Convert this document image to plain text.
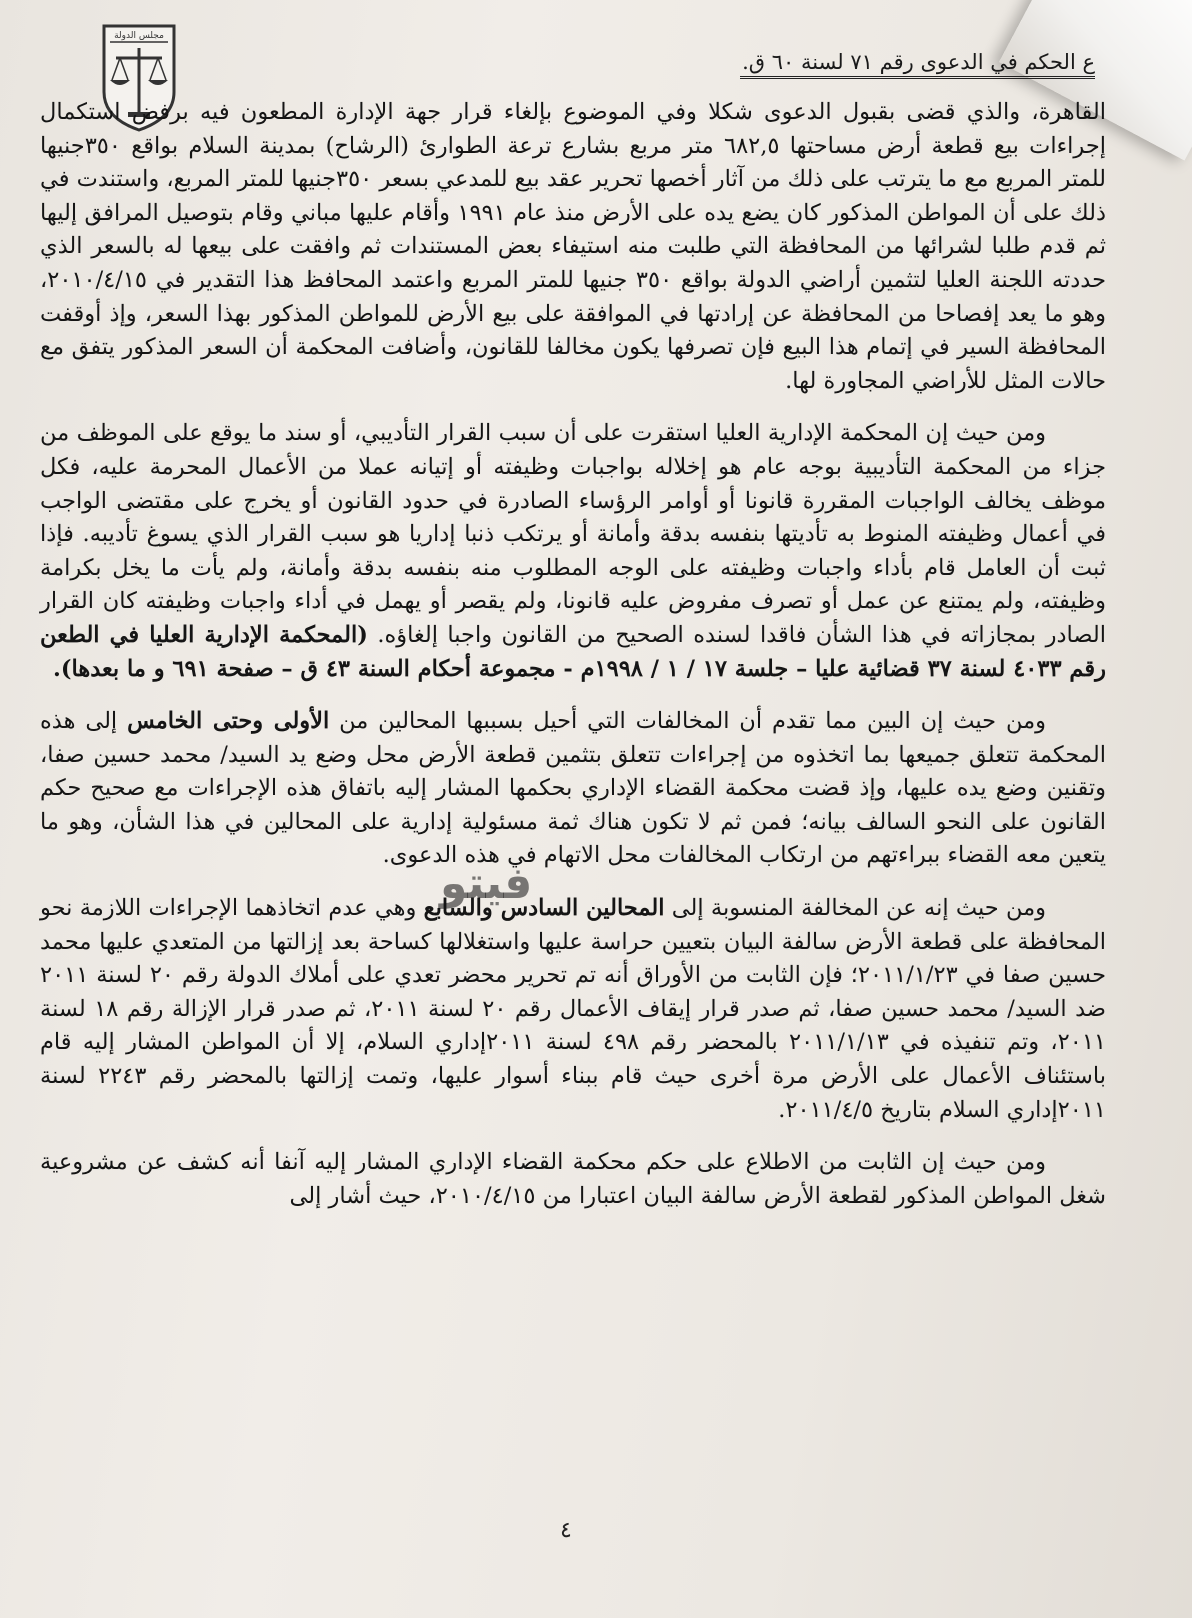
مجلس الدولة
ع الحكم في الدعوى رقم ٧١ لسنة ٦٠ ق.

القاهرة، والذي قضى بقبول الدعوى شكلا وفي الموضوع بإلغاء قرار جهة الإدارة المطعون فيه برفض استكمال إجراءات بيع قطعة أرض مساحتها ٦٨٢,٥ متر مربع بشارع ترعة الطوارئ (الرشاح) بمدينة السلام بواقع ٣٥٠جنيها للمتر المربع مع ما يترتب على ذلك من آثار أخصها تحرير عقد بيع للمدعي بسعر ٣٥٠جنيها للمتر المربع، واستندت في ذلك على أن المواطن المذكور كان يضع يده على الأرض منذ عام ١٩٩١ وأقام عليها مباني وقام بتوصيل المرافق إليها ثم قدم طلبا لشرائها من المحافظة التي طلبت منه استيفاء بعض المستندات ثم وافقت على بيعها له بالسعر الذي حددته اللجنة العليا لتثمين أراضي الدولة بواقع ٣٥٠ جنيها للمتر المربع واعتمد المحافظ هذا التقدير في ٢٠١٠/٤/١٥، وهو ما يعد إفصاحا من المحافظة عن إرادتها في الموافقة على بيع الأرض للمواطن المذكور بهذا السعر، وإذ أوقفت المحافظة السير في إتمام هذا البيع فإن تصرفها يكون مخالفا للقانون، وأضافت المحكمة أن السعر المذكور يتفق مع حالات المثل للأراضي المجاورة لها.

ومن حيث إن المحكمة الإدارية العليا استقرت على أن سبب القرار التأديبي، أو سند ما يوقع على الموظف من جزاء من المحكمة التأديبية بوجه عام هو إخلاله بواجبات وظيفته أو إتيانه عملا من الأعمال المحرمة عليه، فكل موظف يخالف الواجبات المقررة قانونا أو أوامر الرؤساء الصادرة في حدود القانون أو يخرج على مقتضى الواجب في أعمال وظيفته المنوط به تأديتها بنفسه بدقة وأمانة أو يرتكب ذنبا إداريا هو سبب القرار الذي يسوغ تأديبه. فإذا ثبت أن العامل قام بأداء واجبات وظيفته على الوجه المطلوب منه بنفسه بدقة وأمانة، ولم يأت ما يخل بكرامة وظيفته، ولم يمتنع عن عمل أو تصرف مفروض عليه قانونا، ولم يقصر أو يهمل في أداء واجبات وظيفته كان القرار الصادر بمجازاته في هذا الشأن فاقدا لسنده الصحيح من القانون واجبا إلغاؤه. (المحكمة الإدارية العليا في الطعن رقم ٤٠٣٣ لسنة ٣٧ قضائية عليا – جلسة ١٧ / ١ / ١٩٩٨م - مجموعة أحكام السنة ٤٣ ق – صفحة ٦٩١ و ما بعدها).

ومن حيث إن البين مما تقدم أن المخالفات التي أحيل بسببها المحالين من الأولى وحتى الخامس إلى هذه المحكمة تتعلق جميعها بما اتخذوه من إجراءات تتعلق بتثمين قطعة الأرض محل وضع يد السيد/ محمد حسين صفا، وتقنين وضع يده عليها، وإذ قضت محكمة القضاء الإداري بحكمها المشار إليه باتفاق هذه الإجراءات مع صحيح حكم القانون على النحو السالف بيانه؛ فمن ثم لا تكون هناك ثمة مسئولية إدارية على المحالين في هذا الشأن، وهو ما يتعين معه القضاء ببراءتهم من ارتكاب المخالفات محل الاتهام في هذه الدعوى.

ومن حيث إنه عن المخالفة المنسوبة إلى المحالين السادس والسابع وهي عدم اتخاذهما الإجراءات اللازمة نحو المحافظة على قطعة الأرض سالفة البيان بتعيين حراسة عليها واستغلالها كساحة بعد إزالتها من المتعدي عليها محمد حسين صفا في ٢٠١١/١/٢٣؛ فإن الثابت من الأوراق أنه تم تحرير محضر تعدي على أملاك الدولة رقم ٢٠ لسنة ٢٠١١ ضد السيد/ محمد حسين صفا، ثم صدر قرار إيقاف الأعمال رقم ٢٠ لسنة ٢٠١١، ثم صدر قرار الإزالة رقم ١٨ لسنة ٢٠١١، وتم تنفيذه في ٢٠١١/١/١٣ بالمحضر رقم ٤٩٨ لسنة ٢٠١١إداري السلام، إلا أن المواطن المشار إليه قام باستئناف الأعمال على الأرض مرة أخرى حيث قام ببناء أسوار عليها، وتمت إزالتها بالمحضر رقم ٢٢٤٣ لسنة ٢٠١١إداري السلام بتاريخ ٢٠١١/٤/٥.

ومن حيث إن الثابت من الاطلاع على حكم محكمة القضاء الإداري المشار إليه آنفا أنه كشف عن مشروعية شغل المواطن المذكور لقطعة الأرض سالفة البيان اعتبارا من ٢٠١٠/٤/١٥، حيث أشار إلى

فيتو
٤
